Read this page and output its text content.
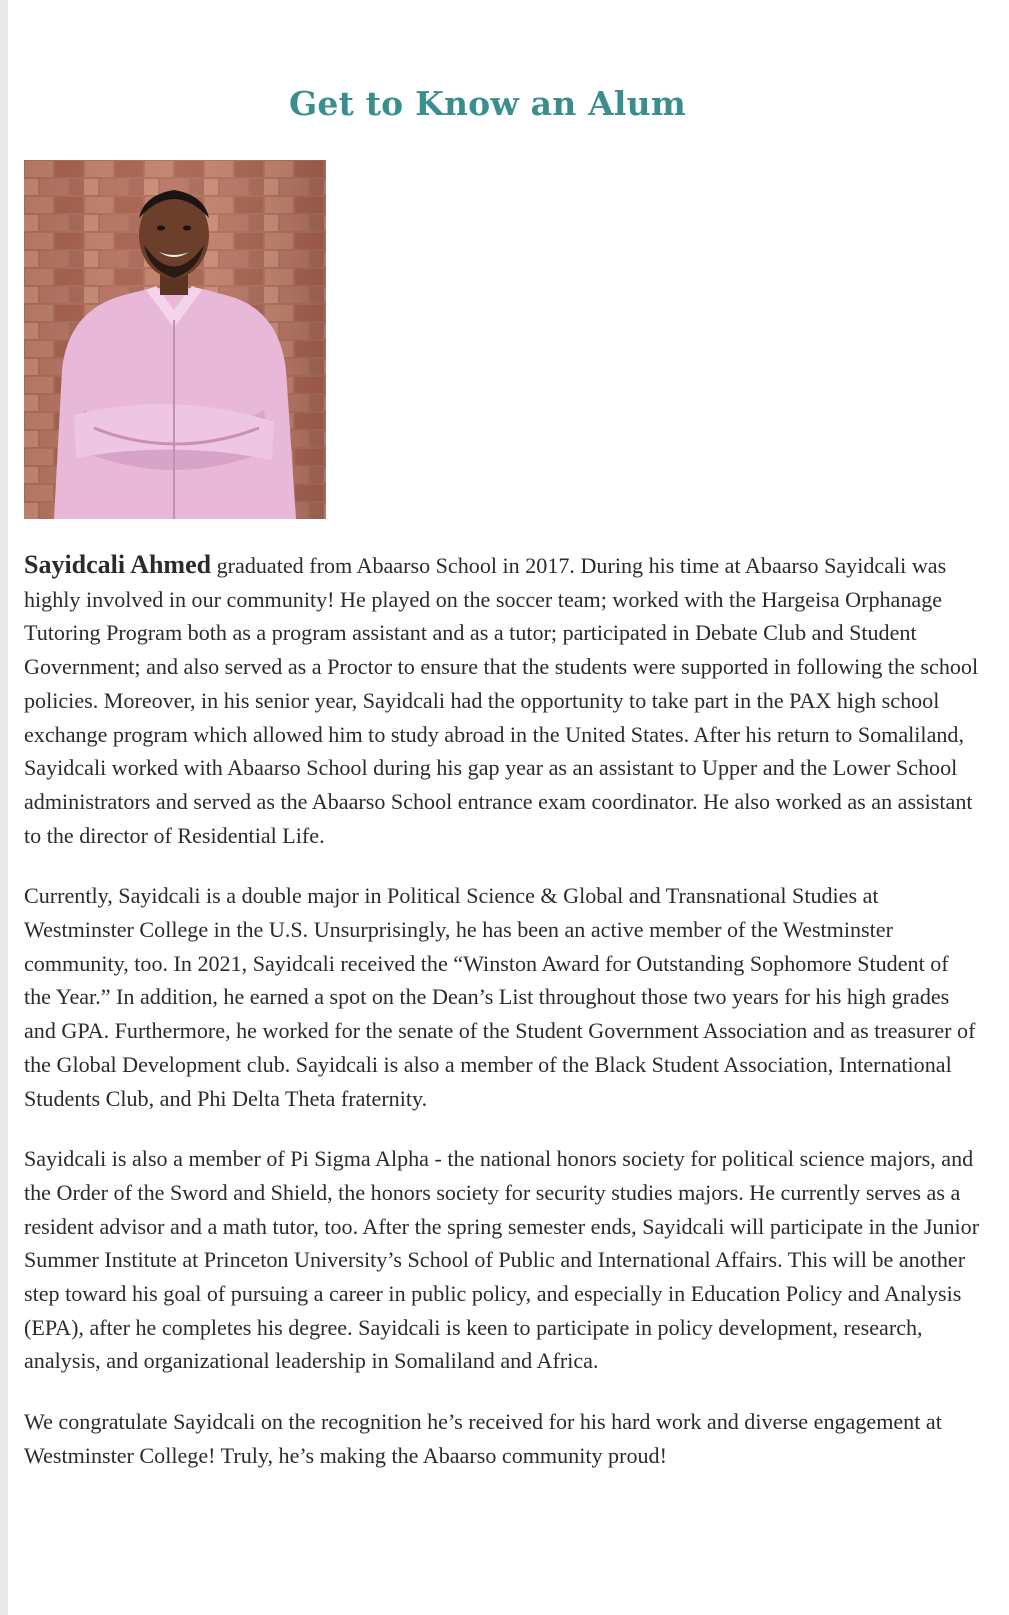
Get to Know an Alum

Sayidcali Ahmed graduated from Abaarso School in 2017. During his time at Abaarso Sayidcali was highly involved in our community! He played on the soccer team; worked with the Hargeisa Orphanage Tutoring Program both as a program assistant and as a tutor; participated in Debate Club and Student Government; and also served as a Proctor to ensure that the students were supported in following the school policies. Moreover, in his senior year, Sayidcali had the opportunity to take part in the PAX high school exchange program which allowed him to study abroad in the United States. After his return to Somaliland, Sayidcali worked with Abaarso School during his gap year as an assistant to Upper and the Lower School administrators and served as the Abaarso School entrance exam coordinator. He also worked as an assistant to the director of Residential Life.

Currently, Sayidcali is a double major in Political Science & Global and Transnational Studies at Westminster College in the U.S. Unsurprisingly, he has been an active member of the Westminster community, too. In 2021, Sayidcali received the “Winston Award for Outstanding Sophomore Student of the Year.” In addition, he earned a spot on the Dean’s List throughout those two years for his high grades and GPA. Furthermore, he worked for the senate of the Student Government Association and as treasurer of the Global Development club. Sayidcali is also a member of the Black Student Association, International Students Club, and Phi Delta Theta fraternity.

Sayidcali is also a member of Pi Sigma Alpha - the national honors society for political science majors, and the Order of the Sword and Shield, the honors society for security studies majors. He currently serves as a resident advisor and a math tutor, too. After the spring semester ends, Sayidcali will participate in the Junior Summer Institute at Princeton University’s School of Public and International Affairs. This will be another step toward his goal of pursuing a career in public policy, and especially in Education Policy and Analysis (EPA), after he completes his degree. Sayidcali is keen to participate in policy development, research, analysis, and organizational leadership in Somaliland and Africa.

We congratulate Sayidcali on the recognition he’s received for his hard work and diverse engagement at Westminster College! Truly, he’s making the Abaarso community proud!
